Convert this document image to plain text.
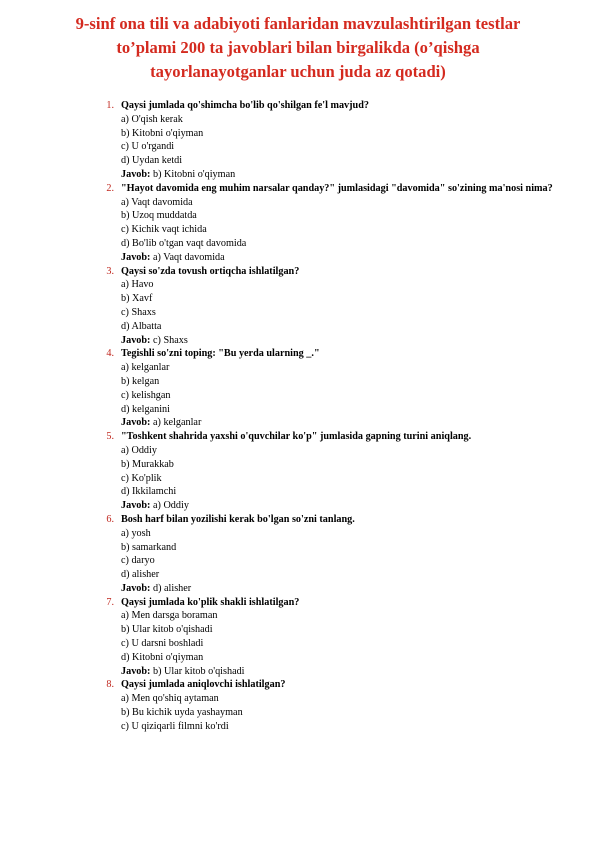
9-sinf ona tili va adabiyoti fanlaridan mavzulashtirilgan testlar to’plami 200 ta javoblari bilan birgalikda (o’qishga tayorlanayotganlar uchun juda az qotadi)
1. Qaysi jumlada qo'shimcha bo'lib qo'shilgan fe'l mavjud?
a) O'qish kerak
b) Kitobni o'qiyman
c) U o'rgandi
d) Uydan ketdi
Javob: b) Kitobni o'qiyman
2. "Hayot davomida eng muhim narsalar qanday?" jumlasidagi "davomida" so'zining ma'nosi nima?
a) Vaqt davomida
b) Uzoq muddatda
c) Kichik vaqt ichida
d) Bo'lib o'tgan vaqt davomida
Javob: a) Vaqt davomida
3. Qaysi so'zda tovush ortiqcha ishlatilgan?
a) Havo
b) Xavf
c) Shaxs
d) Albatta
Javob: c) Shaxs
4. Tegishli so'zni toping: "Bu yerda ularning _."
a) kelganlar
b) kelgan
c) kelishgan
d) kelganini
Javob: a) kelganlar
5. "Toshkent shahrida yaxshi o'quvchilar ko'p" jumlasida gapning turini aniqlang.
a) Oddiy
b) Murakkab
c) Ko'plik
d) Ikkilamchi
Javob: a) Oddiy
6. Bosh harf bilan yozilishi kerak bo'lgan so'zni tanlang.
a) yosh
b) samarkand
c) daryo
d) alisher
Javob: d) alisher
7. Qaysi jumlada ko'plik shakli ishlatilgan?
a) Men darsga boraman
b) Ular kitob o'qishadi
c) U darsni boshladi
d) Kitobni o'qiyman
Javob: b) Ular kitob o'qishadi
8. Qaysi jumlada aniqlovchi ishlatilgan?
a) Men qo'shiq aytaman
b) Bu kichik uyda yashayman
c) U qiziqarli filmni ko'rdi
